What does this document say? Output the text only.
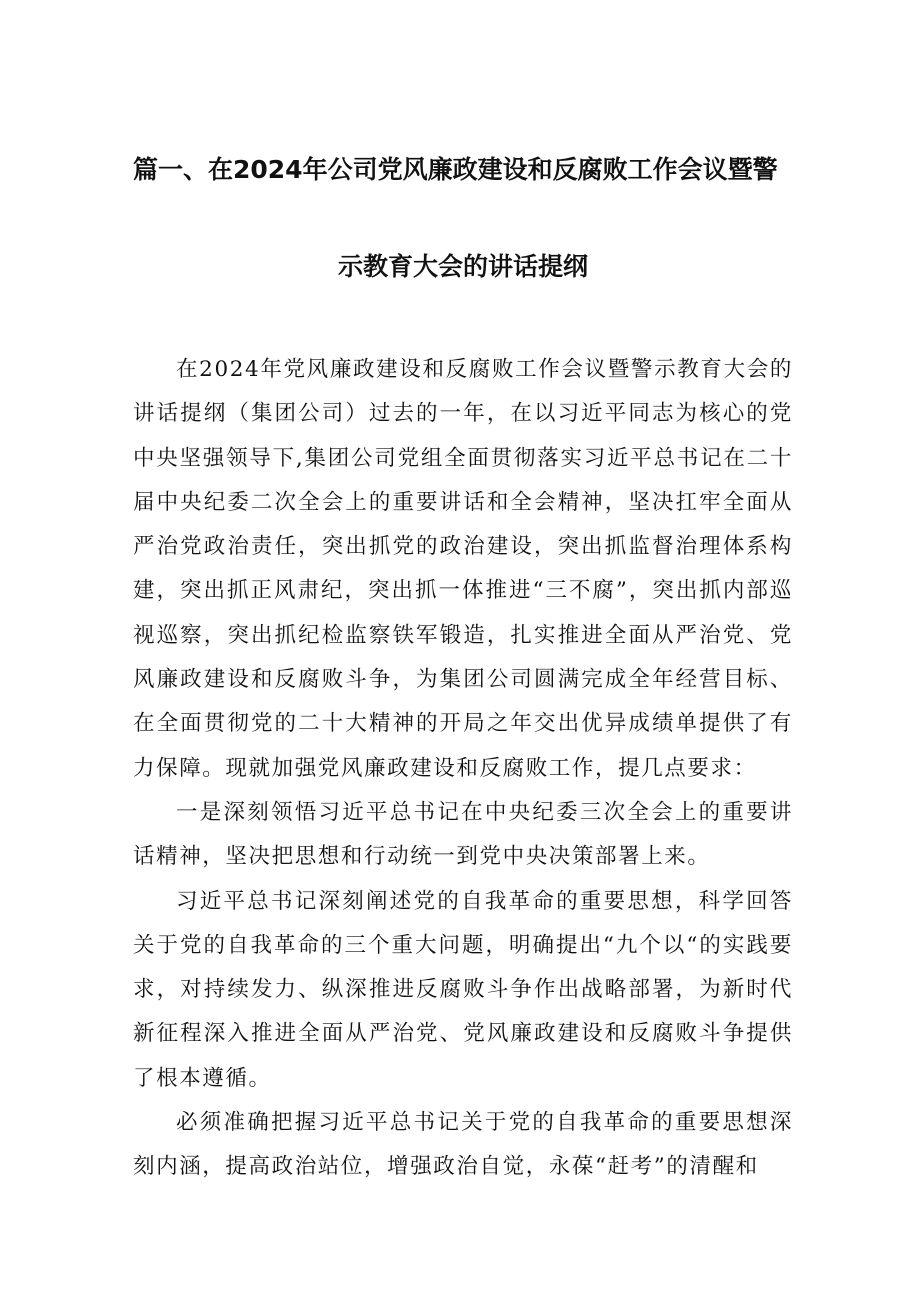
篇一、在2024年公司党风廉政建设和反腐败工作会议暨警
示教育大会的讲话提纲

在2024年党风廉政建设和反腐败工作会议暨警示教育大会的讲话提纲（集团公司）过去的一年，在以习近平同志为核心的党中央坚强领导下,集团公司党组全面贯彻落实习近平总书记在二十届中央纪委二次全会上的重要讲话和全会精神，坚决扛牢全面从严治党政治责任，突出抓党的政治建设，突出抓监督治理体系构建，突出抓正风肃纪，突出抓一体推进“三不腐”，突出抓内部巡视巡察，突出抓纪检监察铁军锻造，扎实推进全面从严治党、党风廉政建设和反腐败斗争，为集团公司圆满完成全年经营目标、在全面贯彻党的二十大精神的开局之年交出优异成绩单提供了有力保障。现就加强党风廉政建设和反腐败工作，提几点要求：

一是深刻领悟习近平总书记在中央纪委三次全会上的重要讲话精神，坚决把思想和行动统一到党中央决策部署上来。

习近平总书记深刻阐述党的自我革命的重要思想，科学回答关于党的自我革命的三个重大问题，明确提出“九个以“的实践要求，对持续发力、纵深推进反腐败斗争作出战略部署，为新时代新征程深入推进全面从严治党、党风廉政建设和反腐败斗争提供了根本遵循。

必须准确把握习近平总书记关于党的自我革命的重要思想深刻内涵，提高政治站位，增强政治自觉，永葆“赶考”的清醒和
